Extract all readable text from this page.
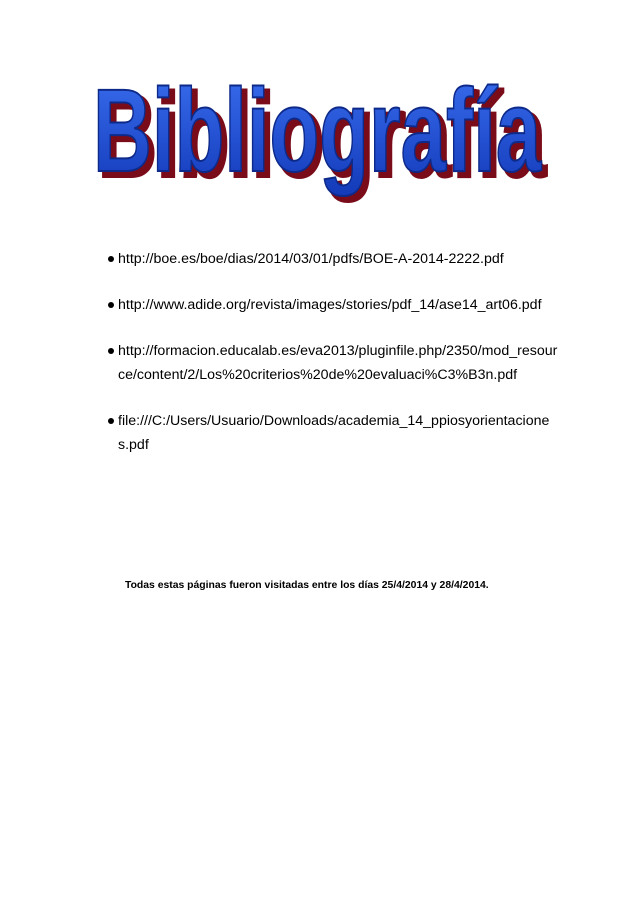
Bibliografía
Bibliografía
http://boe.es/boe/dias/2014/03/01/pdfs/BOE-A-2014-2222.pdf
http://www.adide.org/revista/images/stories/pdf_14/ase14_art06.pdf
http://formacion.educalab.es/eva2013/pluginfile.php/2350/mod_resource/content/2/Los%20criterios%20de%20evaluaci%C3%B3n.pdf
file:///C:/Users/Usuario/Downloads/academia_14_ppiosyorientaciones.pdf
Todas estas páginas fueron visitadas entre los días 25/4/2014 y 28/4/2014.
